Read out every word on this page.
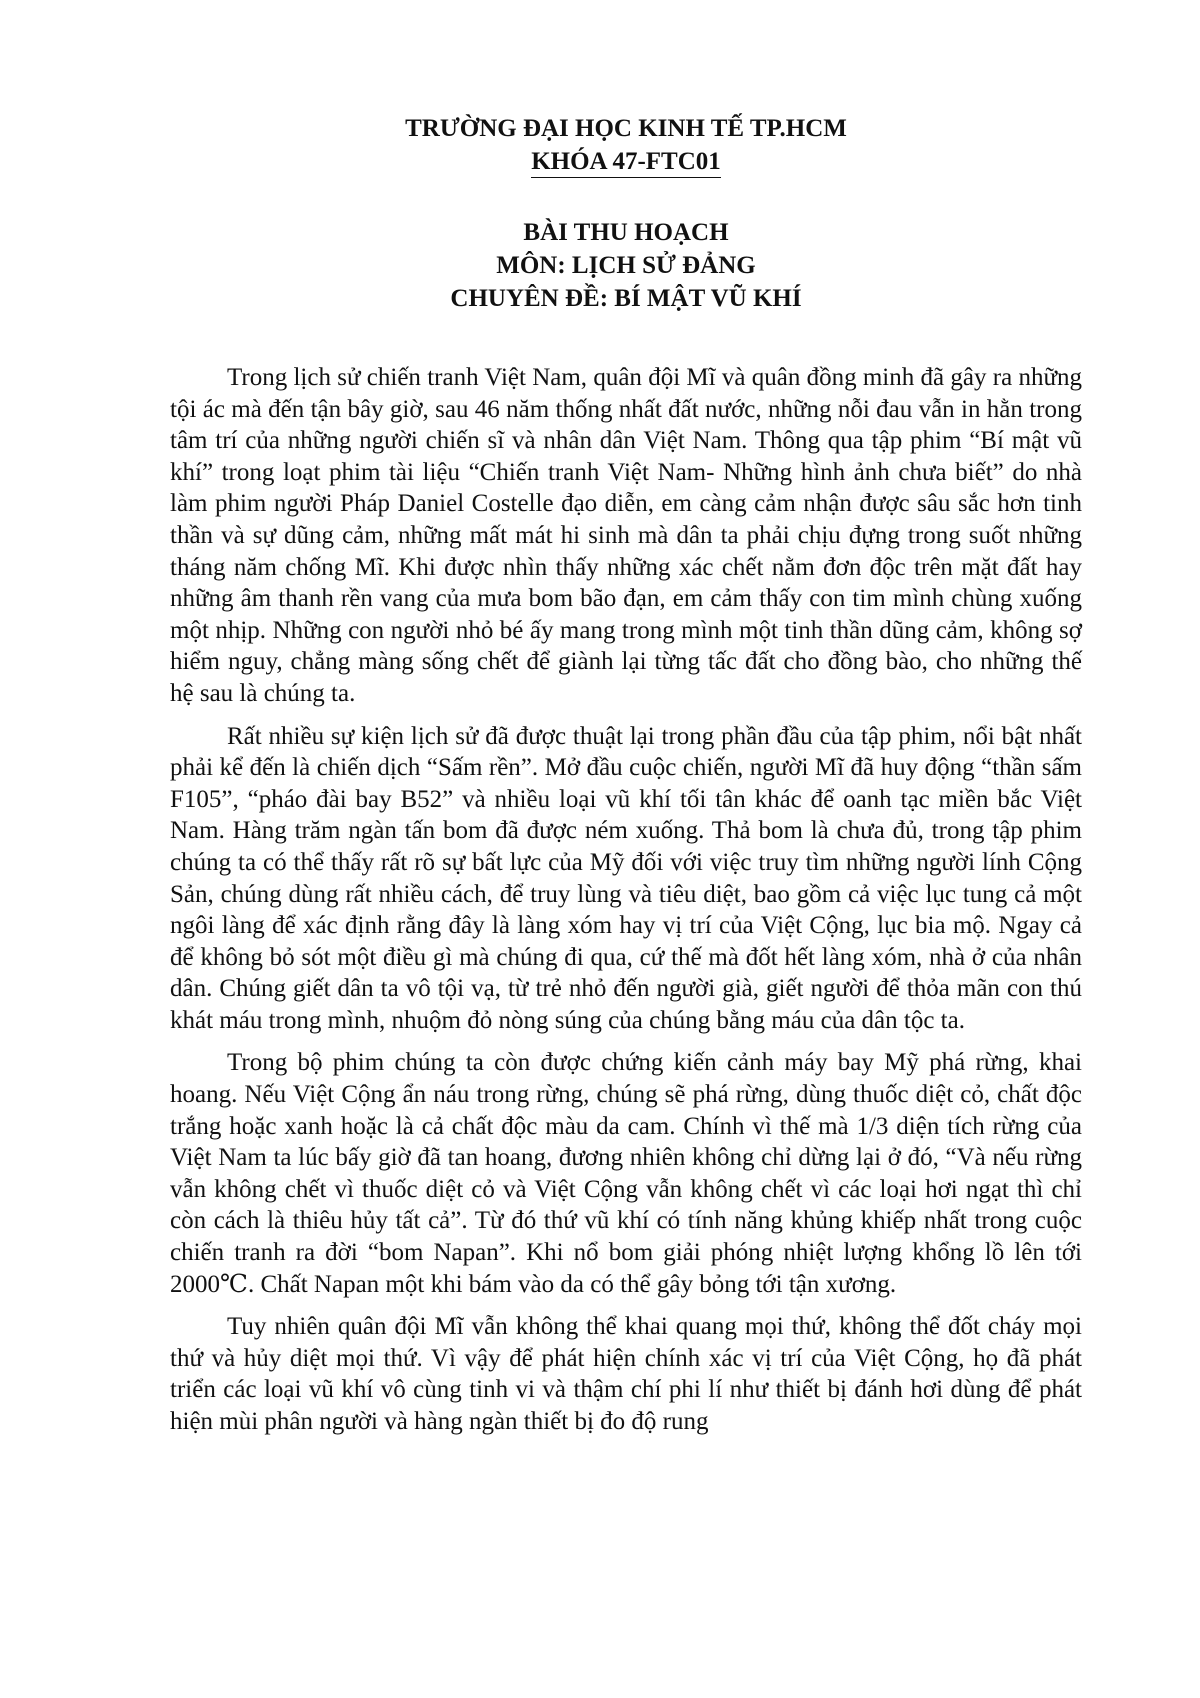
TRƯỜNG ĐẠI HỌC KINH TẾ TP.HCM
KHÓA 47-FTC01
BÀI THU HOẠCH
MÔN: LỊCH SỬ ĐẢNG
CHUYÊN ĐỀ: BÍ MẬT VŨ KHÍ

Trong lịch sử chiến tranh Việt Nam, quân đội Mĩ và quân đồng minh đã gây ra những tội ác mà đến tận bây giờ, sau 46 năm thống nhất đất nước, những nỗi đau vẫn in hằn trong tâm trí của những người chiến sĩ và nhân dân Việt Nam. Thông qua tập phim “Bí mật vũ khí” trong loạt phim tài liệu “Chiến tranh Việt Nam- Những hình ảnh chưa biết” do nhà làm phim người Pháp Daniel Costelle đạo diễn, em càng cảm nhận được sâu sắc hơn tinh thần và sự dũng cảm, những mất mát hi sinh mà dân ta phải chịu đựng trong suốt những tháng năm chống Mĩ. Khi được nhìn thấy những xác chết nằm đơn độc trên mặt đất hay những âm thanh rền vang của mưa bom bão đạn, em cảm thấy con tim mình chùng xuống một nhịp. Những con người nhỏ bé ấy mang trong mình một tinh thần dũng cảm, không sợ hiểm nguy, chẳng màng sống chết để giành lại từng tấc đất cho đồng bào, cho những thế hệ sau là chúng ta.

Rất nhiều sự kiện lịch sử đã được thuật lại trong phần đầu của tập phim, nổi bật nhất phải kể đến là chiến dịch “Sấm rền”. Mở đầu cuộc chiến, người Mĩ đã huy động “thần sấm F105”, “pháo đài bay B52” và nhiều loại vũ khí tối tân khác để oanh tạc miền bắc Việt Nam. Hàng trăm ngàn tấn bom đã được ném xuống. Thả bom là chưa đủ, trong tập phim chúng ta có thể thấy rất rõ sự bất lực của Mỹ đối với việc truy tìm những người lính Cộng Sản, chúng dùng rất nhiều cách, để truy lùng và tiêu diệt, bao gồm cả việc lục tung cả một ngôi làng để xác định rằng đây là làng xóm hay vị trí của Việt Cộng, lục bia mộ. Ngay cả để không bỏ sót một điều gì mà chúng đi qua, cứ thế mà đốt hết làng xóm, nhà ở của nhân dân. Chúng giết dân ta vô tội vạ, từ trẻ nhỏ đến người già, giết người để thỏa mãn con thú khát máu trong mình, nhuộm đỏ nòng súng của chúng bằng máu của dân tộc ta.

Trong bộ phim chúng ta còn được chứng kiến cảnh máy bay Mỹ phá rừng, khai hoang. Nếu Việt Cộng ẩn náu trong rừng, chúng sẽ phá rừng, dùng thuốc diệt cỏ, chất độc trắng hoặc xanh hoặc là cả chất độc màu da cam. Chính vì thế mà 1/3 diện tích rừng của Việt Nam ta lúc bấy giờ đã tan hoang, đương nhiên không chỉ dừng lại ở đó, “Và nếu rừng vẫn không chết vì thuốc diệt cỏ và Việt Cộng vẫn không chết vì các loại hơi ngạt thì chỉ còn cách là thiêu hủy tất cả”. Từ đó thứ vũ khí có tính năng khủng khiếp nhất trong cuộc chiến tranh ra đời “bom Napan”. Khi nổ bom giải phóng nhiệt lượng khổng lồ lên tới 2000℃. Chất Napan một khi bám vào da có thể gây bỏng tới tận xương.

Tuy nhiên quân đội Mĩ vẫn không thể khai quang mọi thứ, không thể đốt cháy mọi thứ và hủy diệt mọi thứ. Vì vậy để phát hiện chính xác vị trí của Việt Cộng, họ đã phát triển các loại vũ khí vô cùng tinh vi và thậm chí phi lí như thiết bị đánh hơi dùng để phát hiện mùi phân người và hàng ngàn thiết bị đo độ rung
